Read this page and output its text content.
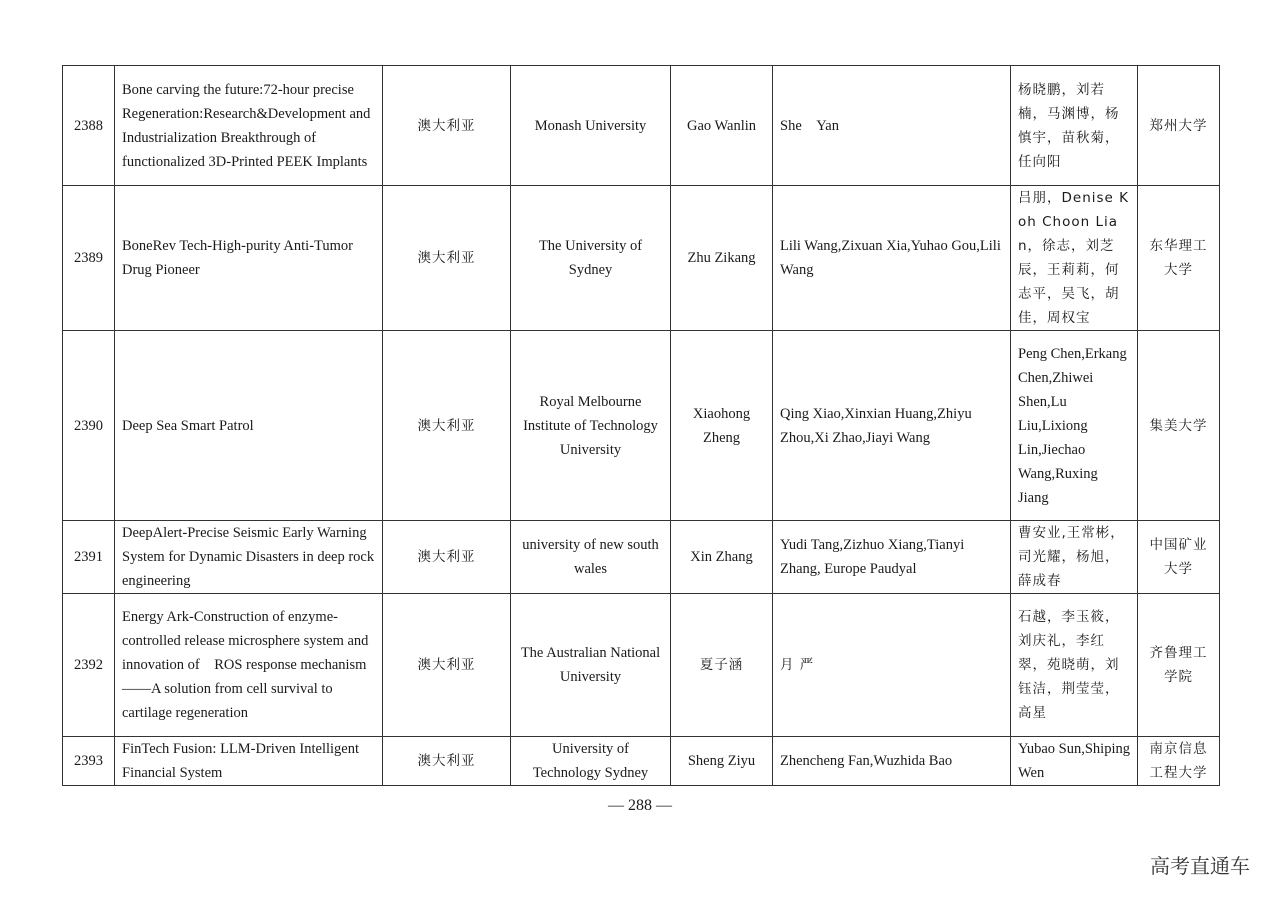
2388	Bone carving the future:72-hour precise Regeneration:Research&Development and Industrialization Breakthrough of functionalized 3D-Printed PEEK Implants	澳大利亚	Monash University	Gao Wanlin	She　Yan	杨晓鹏，刘若楠，马渊博，杨慎宇，苗秋菊，任向阳	郑州大学
2389	BoneRev Tech-High-purity Anti-Tumor Drug Pioneer	澳大利亚	The University of Sydney	Zhu Zikang	Lili Wang,Zixuan Xia,Yuhao Gou,Lili Wang	吕朋，Denise Koh Choon Lian，徐志，刘芝辰，王莉莉，何志平，吴飞，胡佳，周权宝	东华理工大学
2390	Deep Sea Smart Patrol	澳大利亚	Royal Melbourne Institute of Technology University	Xiaohong Zheng	Qing Xiao,Xinxian Huang,Zhiyu Zhou,Xi Zhao,Jiayi Wang	Peng Chen,Erkang Chen,Zhiwei Shen,Lu Liu,Lixiong Lin,Jiechao Wang,Ruxing Jiang	集美大学
2391	DeepAlert-Precise Seismic Early Warning System for Dynamic Disasters in deep rock engineering	澳大利亚	university of new south wales	Xin Zhang	Yudi Tang,Zizhuo Xiang,Tianyi Zhang, Europe Paudyal	曹安业,王常彬，司光耀，杨旭，薛成春	中国矿业大学
2392	Energy Ark-Construction of enzyme-controlled release microsphere system and innovation of　ROS response mechanism ——A solution from cell survival to cartilage regeneration	澳大利亚	The Australian National University	夏子涵	月 严	石越，李玉筱，刘庆礼，李红翠，苑晓萌，刘钰洁，荆莹莹，高星	齐鲁理工学院
2393	FinTech Fusion: LLM-Driven Intelligent Financial System	澳大利亚	University of Technology Sydney	Sheng Ziyu	Zhencheng Fan,Wuzhida Bao	Yubao Sun,Shiping Wen	南京信息工程大学
— 288 —
高考直通车
